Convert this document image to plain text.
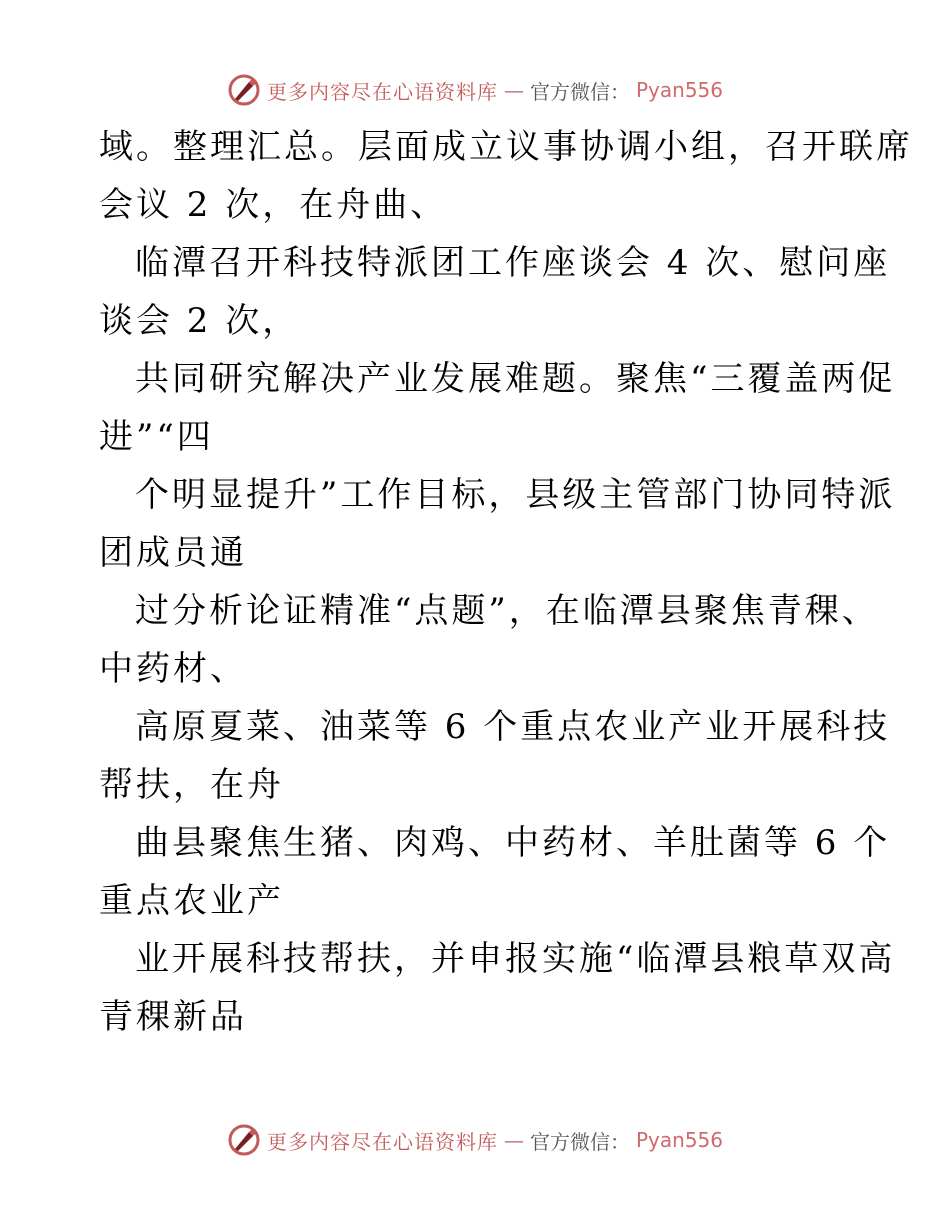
更多内容尽在心语资料库 — 官方微信： Pyan556
域。整理汇总。层面成立议事协调小组，召开联席
会议 2 次，在舟曲、
临潭召开科技特派团工作座谈会 4 次、慰问座
谈会 2 次，
共同研究解决产业发展难题。聚焦“三覆盖两促
进”“四
个明显提升”工作目标，县级主管部门协同特派
团成员通
过分析论证精准“点题”，在临潭县聚焦青稞、
中药材、
高原夏菜、油菜等 6 个重点农业产业开展科技
帮扶，在舟
曲县聚焦生猪、肉鸡、中药材、羊肚菌等 6 个
重点农业产
业开展科技帮扶，并申报实施“临潭县粮草双高
青稞新品
更多内容尽在心语资料库 — 官方微信： Pyan556
